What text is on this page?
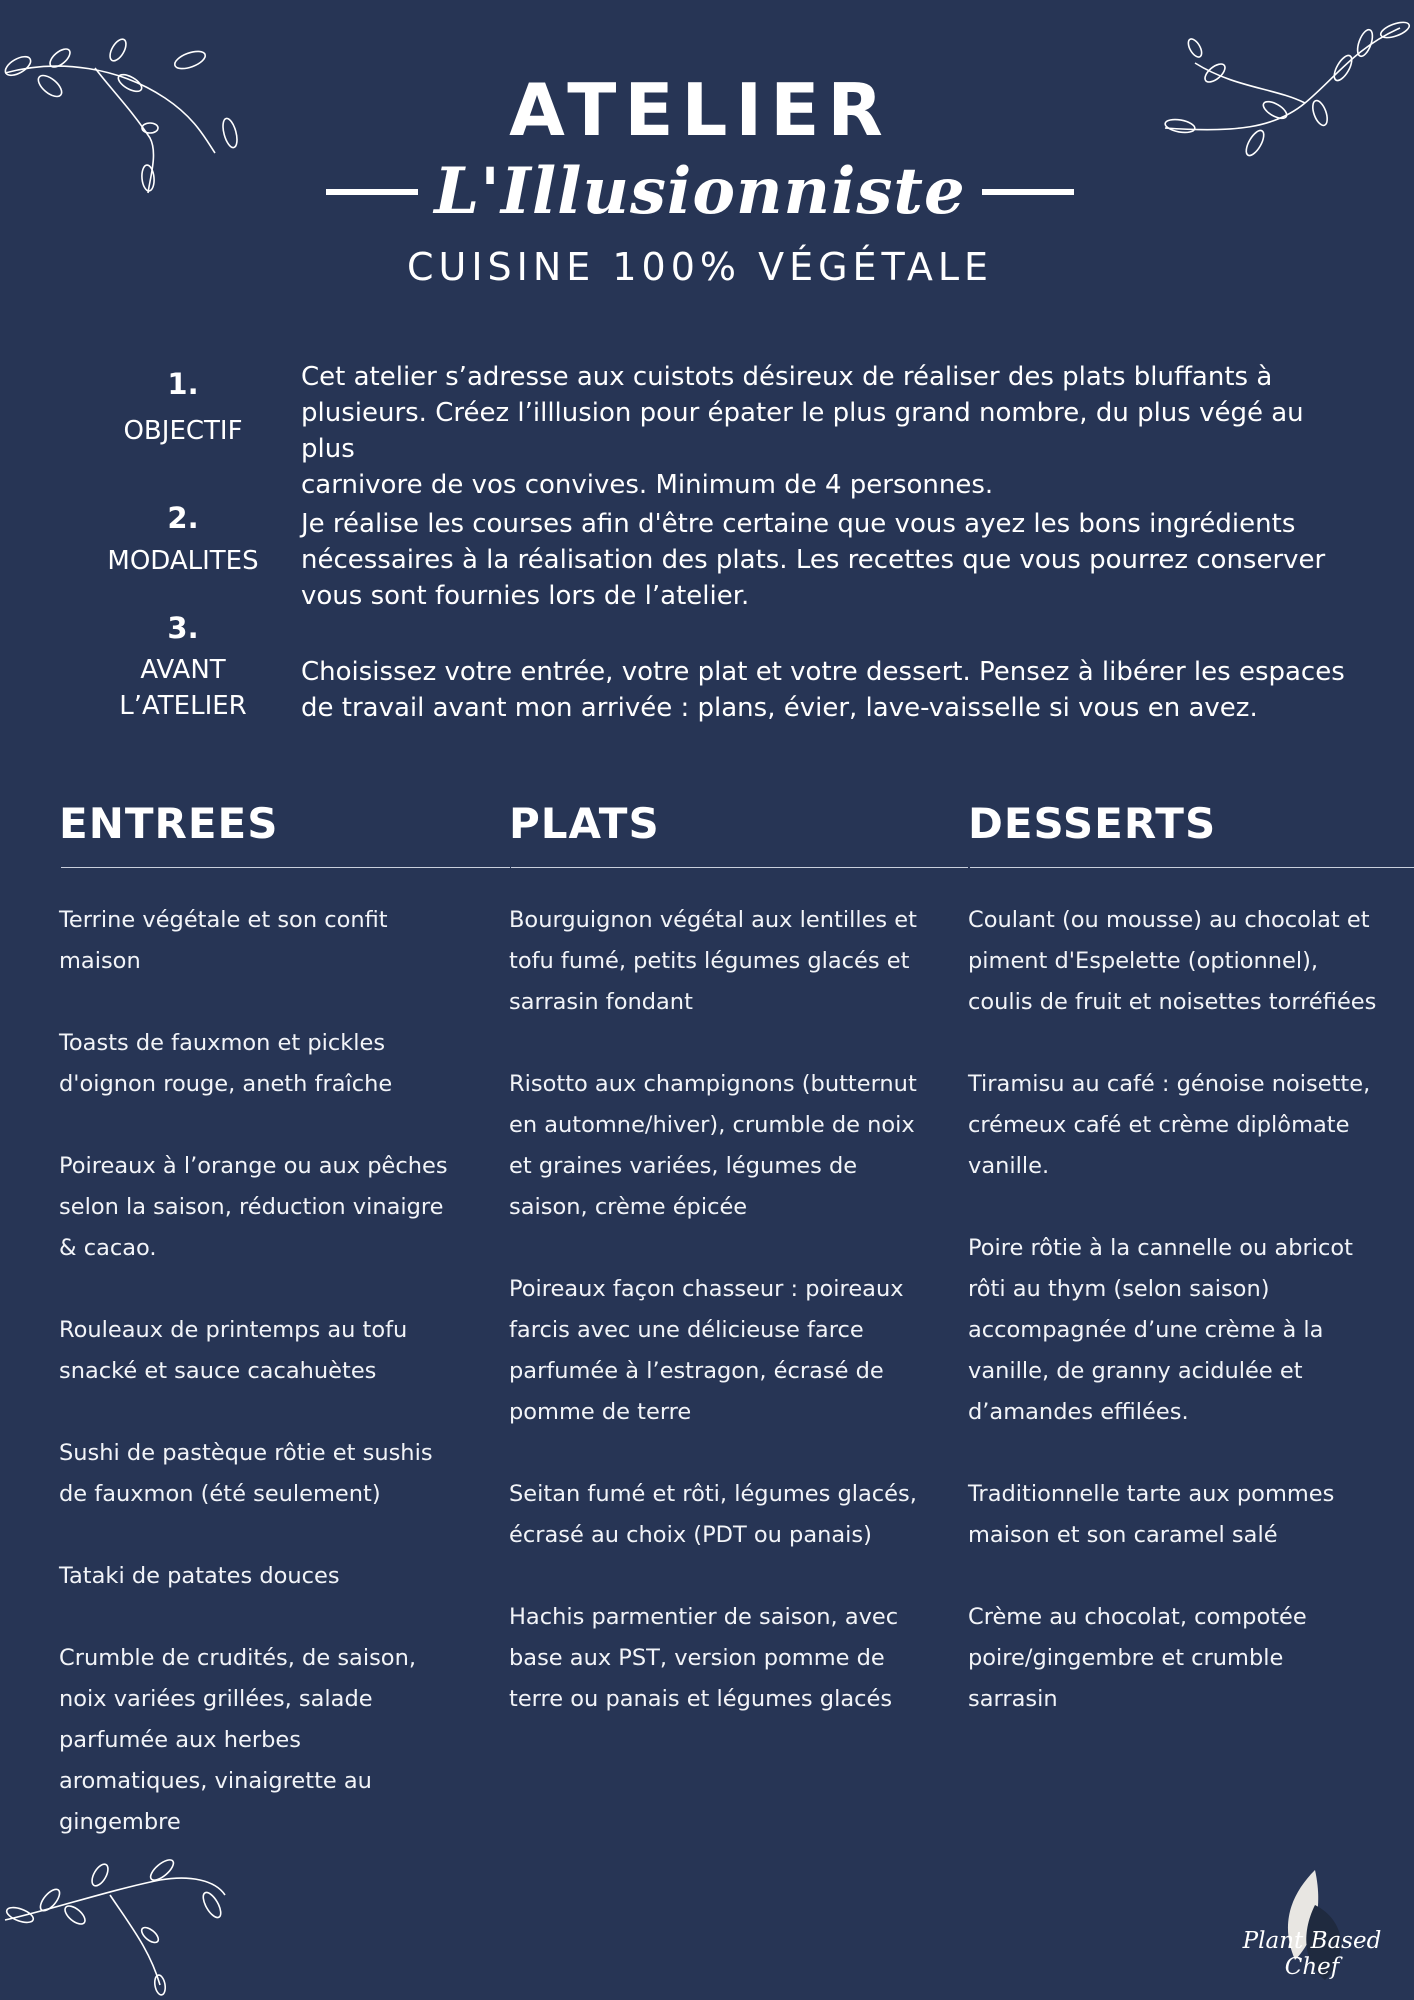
ATELIER
L'Illusionniste
CUISINE 100% VÉGÉTALE
1.
OBJECTIF
Cet atelier s’adresse aux cuistots désireux de réaliser des plats bluffants à
plusieurs. Créez l’illlusion pour épater le plus grand nombre, du plus végé au plus
carnivore de vos convives. Minimum de 4 personnes.
2.
MODALITES
Je réalise les courses afin d'être certaine que vous ayez les bons ingrédients
nécessaires à la réalisation des plats. Les recettes que vous pourrez conserver
vous sont fournies lors de l’atelier.
3.
AVANT
L’ATELIER
Choisissez votre entrée, votre plat et votre dessert. Pensez à libérer les espaces
de travail avant mon arrivée : plans, évier, lave-vaisselle si vous en avez.
ENTREES	PLATS	DESSERTS
Terrine végétale et son confit
maison
Toasts de fauxmon et pickles
d'oignon rouge, aneth fraîche
Poireaux à l’orange ou aux pêches
selon la saison, réduction vinaigre
& cacao.
Rouleaux de printemps au tofu
snacké et sauce cacahuètes
Sushi de pastèque rôtie et sushis
de fauxmon (été seulement)
Tataki de patates douces
Crumble de crudités, de saison,
noix variées grillées, salade
parfumée aux herbes
aromatiques, vinaigrette au
gingembre
Bourguignon végétal aux lentilles et
tofu fumé, petits légumes glacés et
sarrasin fondant
Risotto aux champignons (butternut
en automne/hiver), crumble de noix
et graines variées, légumes de
saison, crème épicée
Poireaux façon chasseur : poireaux
farcis avec une délicieuse farce
parfumée à l’estragon, écrasé de
pomme de terre
Seitan fumé et rôti, légumes glacés,
écrasé au choix (PDT ou panais)
Hachis parmentier de saison, avec
base aux PST, version pomme de
terre ou panais et légumes glacés
Coulant (ou mousse) au chocolat et
piment d'Espelette (optionnel),
coulis de fruit et noisettes torréfiées
Tiramisu au café : génoise noisette,
crémeux café et crème diplômate
vanille.
Poire rôtie à la cannelle ou abricot
rôti au thym (selon saison)
accompagnée d’une crème à la
vanille, de granny acidulée et
d’amandes effilées.
Traditionnelle tarte aux pommes
maison et son caramel salé
Crème au chocolat, compotée
poire/gingembre et crumble
sarrasin
Plant Based Chef
